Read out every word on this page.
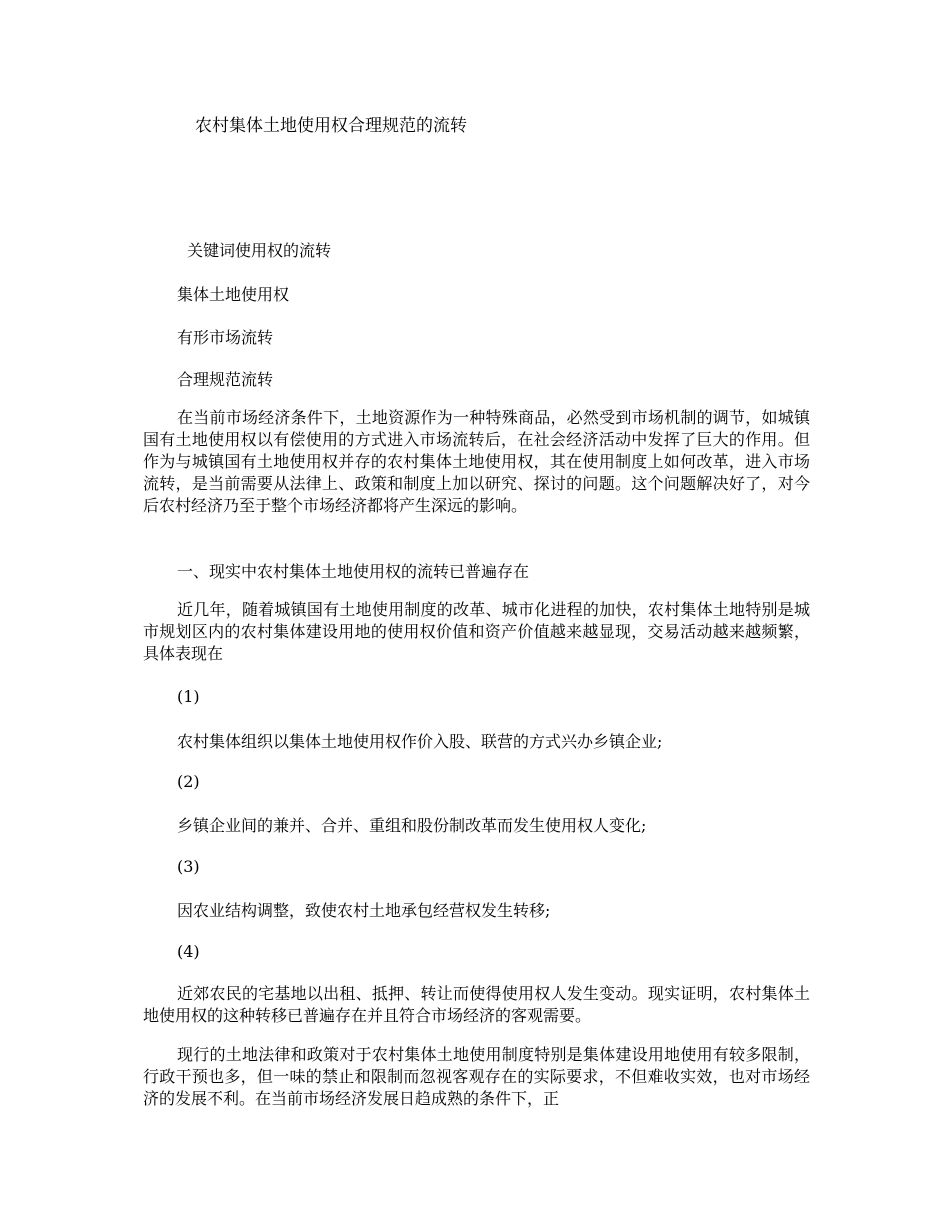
农村集体土地使用权合理规范的流转
关键词使用权的流转
集体土地使用权
有形市场流转
合理规范流转
在当前市场经济条件下，土地资源作为一种特殊商品，必然受到市场机制的调节，如城镇国有土地使用权以有偿使用的方式进入市场流转后，在社会经济活动中发挥了巨大的作用。但作为与城镇国有土地使用权并存的农村集体土地使用权，其在使用制度上如何改革，进入市场流转，是当前需要从法律上、政策和制度上加以研究、探讨的问题。这个问题解决好了，对今后农村经济乃至于整个市场经济都将产生深远的影响。
一、现实中农村集体土地使用权的流转已普遍存在
近几年，随着城镇国有土地使用制度的改革、城市化进程的加快，农村集体土地特别是城市规划区内的农村集体建设用地的使用权价值和资产价值越来越显现，交易活动越来越频繁，具体表现在
(1)
农村集体组织以集体土地使用权作价入股、联营的方式兴办乡镇企业;
(2)
乡镇企业间的兼并、合并、重组和股份制改革而发生使用权人变化;
(3)
因农业结构调整，致使农村土地承包经营权发生转移;
(4)
近郊农民的宅基地以出租、抵押、转让而使得使用权人发生变动。现实证明，农村集体土地使用权的这种转移已普遍存在并且符合市场经济的客观需要。
现行的土地法律和政策对于农村集体土地使用制度特别是集体建设用地使用有较多限制，行政干预也多，但一味的禁止和限制而忽视客观存在的实际要求，不但难收实效，也对市场经济的发展不利。在当前市场经济发展日趋成熟的条件下，正
